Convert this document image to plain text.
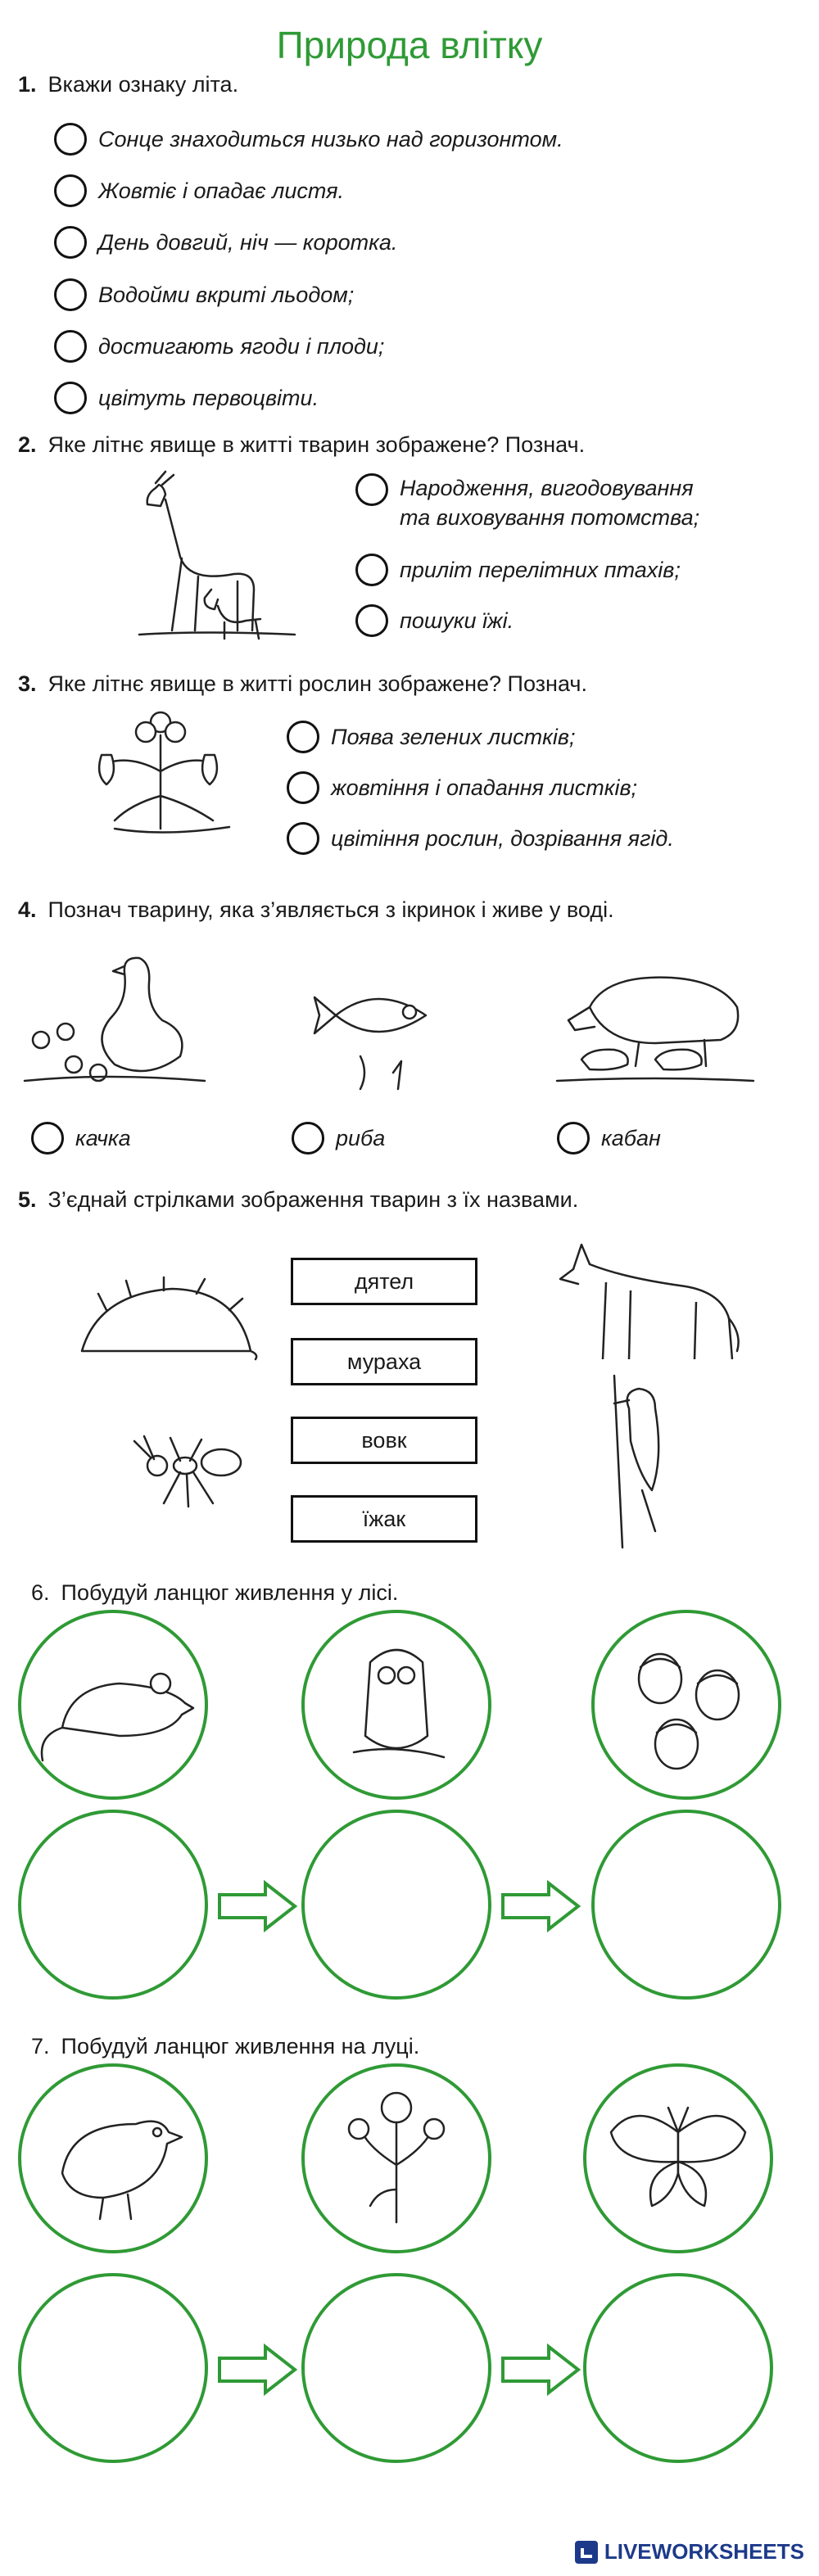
Природа влітку
1. Вкажи ознаку літа.
Сонце знаходиться низько над горизонтом.
Жовтіє і опадає листя.
День довгий, ніч — коротка.
Водойми вкриті льодом;
достигають ягоди і плоди;
цвітуть первоцвіти.
2. Яке літнє явище в житті тварин зображене? Познач.
Народження, вигодовування
та виховування потомства;
приліт перелітних птахів;
пошуки їжі.
3. Яке літнє явище в житті рослин зображене? Познач.
Поява зелених листків;
жовтіння і опадання листків;
цвітіння рослин, дозрівання ягід.
4. Познач тварину, яка з’являється з ікринок і живе у воді.
качка	риба	кабан
5. З’єднай стрілками зображення тварин з їх назвами.
дятел
мураха
вовк
їжак
6. Побудуй ланцюг живлення у лісі.
7. Побудуй ланцюг живлення на луці.
LIVEWORKSHEETS
